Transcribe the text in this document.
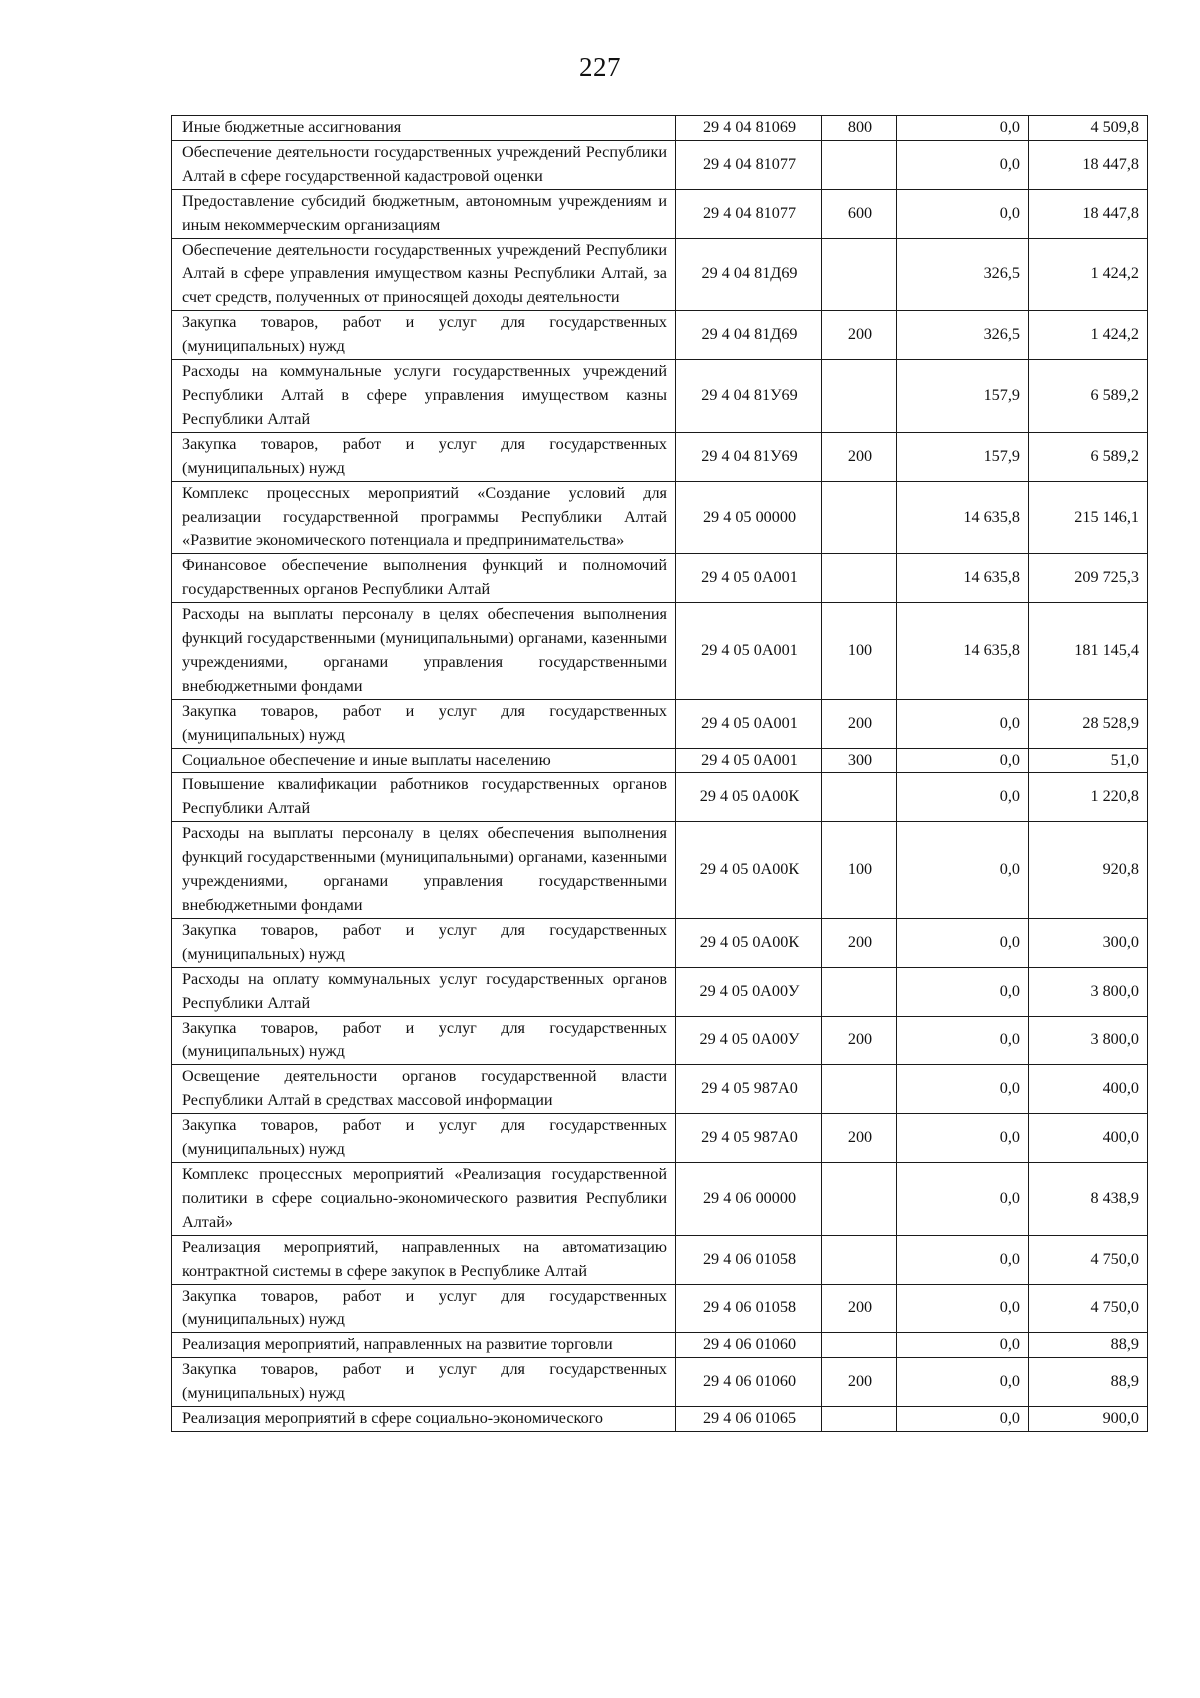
227
Иные бюджетные ассигнования	29 4 04 81069	800	0,0	4 509,8
Обеспечение деятельности государственных учреждений Республики Алтай в сфере государственной кадастровой оценки	29 4 04 81077		0,0	18 447,8
Предоставление субсидий бюджетным, автономным учреждениям и иным некоммерческим организациям	29 4 04 81077	600	0,0	18 447,8
Обеспечение деятельности государственных учреждений Республики Алтай в сфере управления имуществом казны Республики Алтай, за счет средств, полученных от приносящей доходы деятельности	29 4 04 81Д69		326,5	1 424,2
Закупка товаров, работ и услуг для государственных (муниципальных) нужд	29 4 04 81Д69	200	326,5	1 424,2
Расходы на коммунальные услуги государственных учреждений Республики Алтай в сфере управления имуществом казны Республики Алтай	29 4 04 81У69		157,9	6 589,2
Закупка товаров, работ и услуг для государственных (муниципальных) нужд	29 4 04 81У69	200	157,9	6 589,2
Комплекс процессных мероприятий «Создание условий для реализации государственной программы Республики Алтай «Развитие экономического потенциала и предпринимательства»	29 4 05 00000		14 635,8	215 146,1
Финансовое обеспечение выполнения функций и полномочий государственных органов Республики Алтай	29 4 05 0А001		14 635,8	209 725,3
Расходы на выплаты персоналу в целях обеспечения выполнения функций государственными (муниципальными) органами, казенными учреждениями, органами управления государственными внебюджетными фондами	29 4 05 0А001	100	14 635,8	181 145,4
Закупка товаров, работ и услуг для государственных (муниципальных) нужд	29 4 05 0А001	200	0,0	28 528,9
Социальное обеспечение и иные выплаты населению	29 4 05 0А001	300	0,0	51,0
Повышение квалификации работников государственных органов Республики Алтай	29 4 05 0А00К		0,0	1 220,8
Расходы на выплаты персоналу в целях обеспечения выполнения функций государственными (муниципальными) органами, казенными учреждениями, органами управления государственными внебюджетными фондами	29 4 05 0А00К	100	0,0	920,8
Закупка товаров, работ и услуг для государственных (муниципальных) нужд	29 4 05 0А00К	200	0,0	300,0
Расходы на оплату коммунальных услуг государственных органов Республики Алтай	29 4 05 0А00У		0,0	3 800,0
Закупка товаров, работ и услуг для государственных (муниципальных) нужд	29 4 05 0А00У	200	0,0	3 800,0
Освещение деятельности органов государственной власти Республики Алтай в средствах массовой информации	29 4 05 987А0		0,0	400,0
Закупка товаров, работ и услуг для государственных (муниципальных) нужд	29 4 05 987А0	200	0,0	400,0
Комплекс процессных мероприятий «Реализация государственной политики в сфере социально-экономического развития Республики Алтай»	29 4 06 00000		0,0	8 438,9
Реализация мероприятий, направленных на автоматизацию контрактной системы в сфере закупок в Республике Алтай	29 4 06 01058		0,0	4 750,0
Закупка товаров, работ и услуг для государственных (муниципальных) нужд	29 4 06 01058	200	0,0	4 750,0
Реализация мероприятий, направленных на развитие торговли	29 4 06 01060		0,0	88,9
Закупка товаров, работ и услуг для государственных (муниципальных) нужд	29 4 06 01060	200	0,0	88,9
Реализация мероприятий в сфере социально-экономического	29 4 06 01065		0,0	900,0
